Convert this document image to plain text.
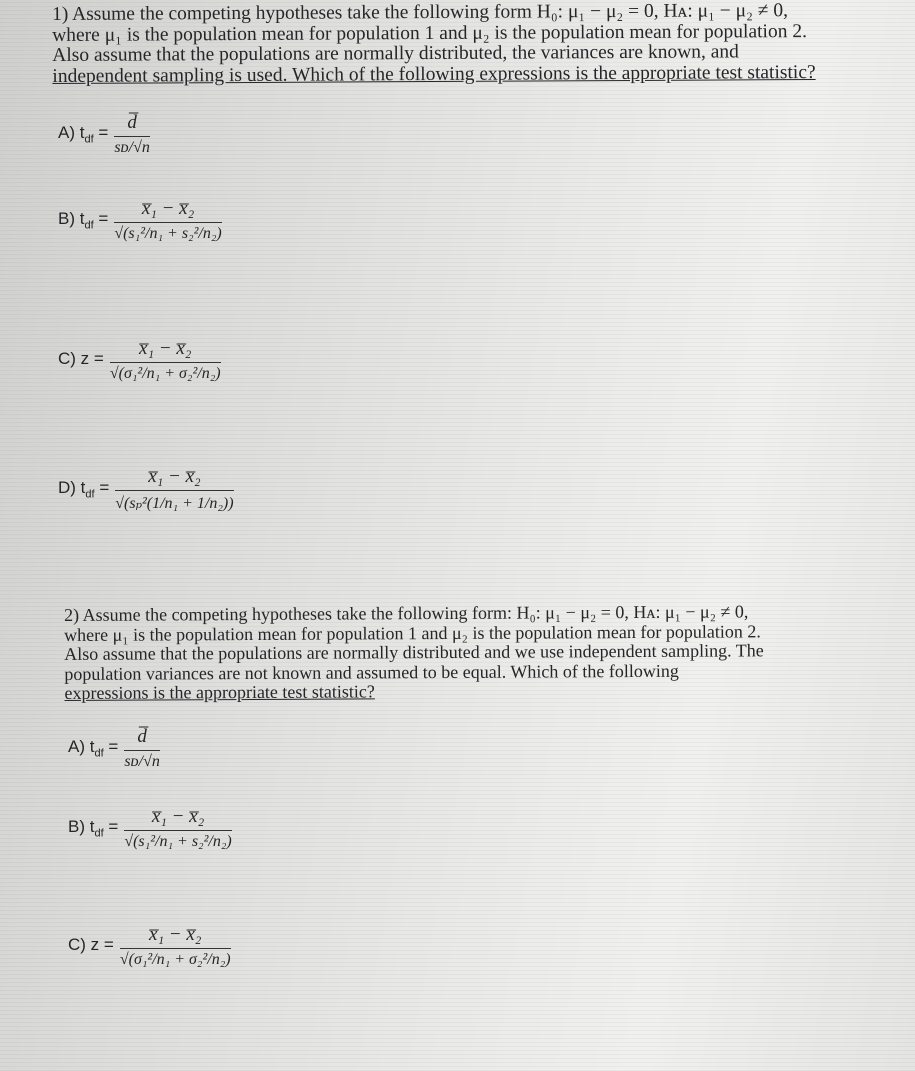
1) Assume the competing hypotheses take the following form H₀: μ₁ − μ₂ = 0, Hᴀ: μ₁ − μ₂ ≠ 0,

where μ₁ is the population mean for population 1 and μ₂ is the population mean for population 2.

Also assume that the populations are normally distributed, the variances are known, and

independent sampling is used. Which of the following expressions is the appropriate test statistic?

A) $t_{df} = \frac{d̅}{\text{sᴅ/√n}}$
B) $t_{df} = \frac{\text{x̅₁ − x̅₂}}{\text{√(s₁²/n₁ + s₂²/n₂)}}$
C) $z = \frac{\text{x̅₁ − x̅₂}}{\text{√(σ₁²/n₁ + σ₂²/n₂)}}$
D) $t_{df} = \frac{\text{x̅₁ − x̅₂}}{\text{√(sₚ²(1/n₁ + 1/n₂))}}$

2) Assume the competing hypotheses take the following form: H₀: μ₁ − μ₂ = 0, Hᴀ: μ₁ − μ₂ ≠ 0,

where μ₁ is the population mean for population 1 and μ₂ is the population mean for population 2.

Also assume that the populations are normally distributed and we use independent sampling. The

population variances are not known and assumed to be equal. Which of the following

expressions is the appropriate test statistic?

A) $t_{df} = \frac{d̅}{\text{sᴅ/√n}}$
B) $t_{df} = \frac{\text{x̅₁ − x̅₂}}{\text{√(s₁²/n₁ + s₂²/n₂)}}$
C) $z = \frac{\text{x̅₁ − x̅₂}}{\text{√(σ₁²/n₁ + σ₂²/n₂)}}$
